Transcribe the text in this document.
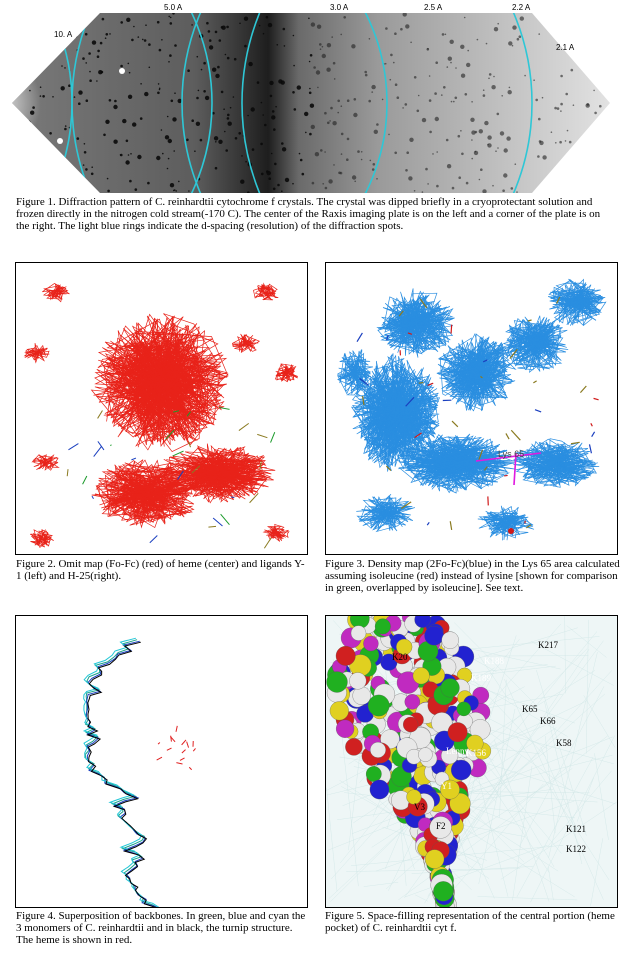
10. A
5.0 A	3.0 A	2.5 A	2.2 A
2.1 A
Figure 1. Diffraction pattern of C. reinhardtii cytochrome f crystals. The crystal was dipped briefly in a cryoprotectant solution and frozen directly in the nitrogen cold stream(-170 C). The center of the Raxis imaging plate is on the left and a corner of the plate is on the right. The light blue rings indicate the d-spacing (resolution) of the diffraction spots.
Figure 2. Omit map (Fo-Fc) (red) of heme (center) and ligands Y-1 (left) and H-25(right).
Lys 65
Figure 3. Density map (2Fo-Fc)(blue) in the Lys 65 area calculated assuming isoleucine (red) instead of lysine [shown for comparison in green, overlapped by isoleucine]. See text.
Figure 4. Superposition of backbones. In green, blue and cyan the 3 monomers of C. reinhardtii and in black, the turnip structure. The heme is shown in red.
K217
K20	K188
K189
K65
K66
K58
Lenny
K156
Y1
V3
F2	K121
K122
Figure 5. Space-filling representation of the central portion (heme pocket) of C. reinhardtii cyt f.
